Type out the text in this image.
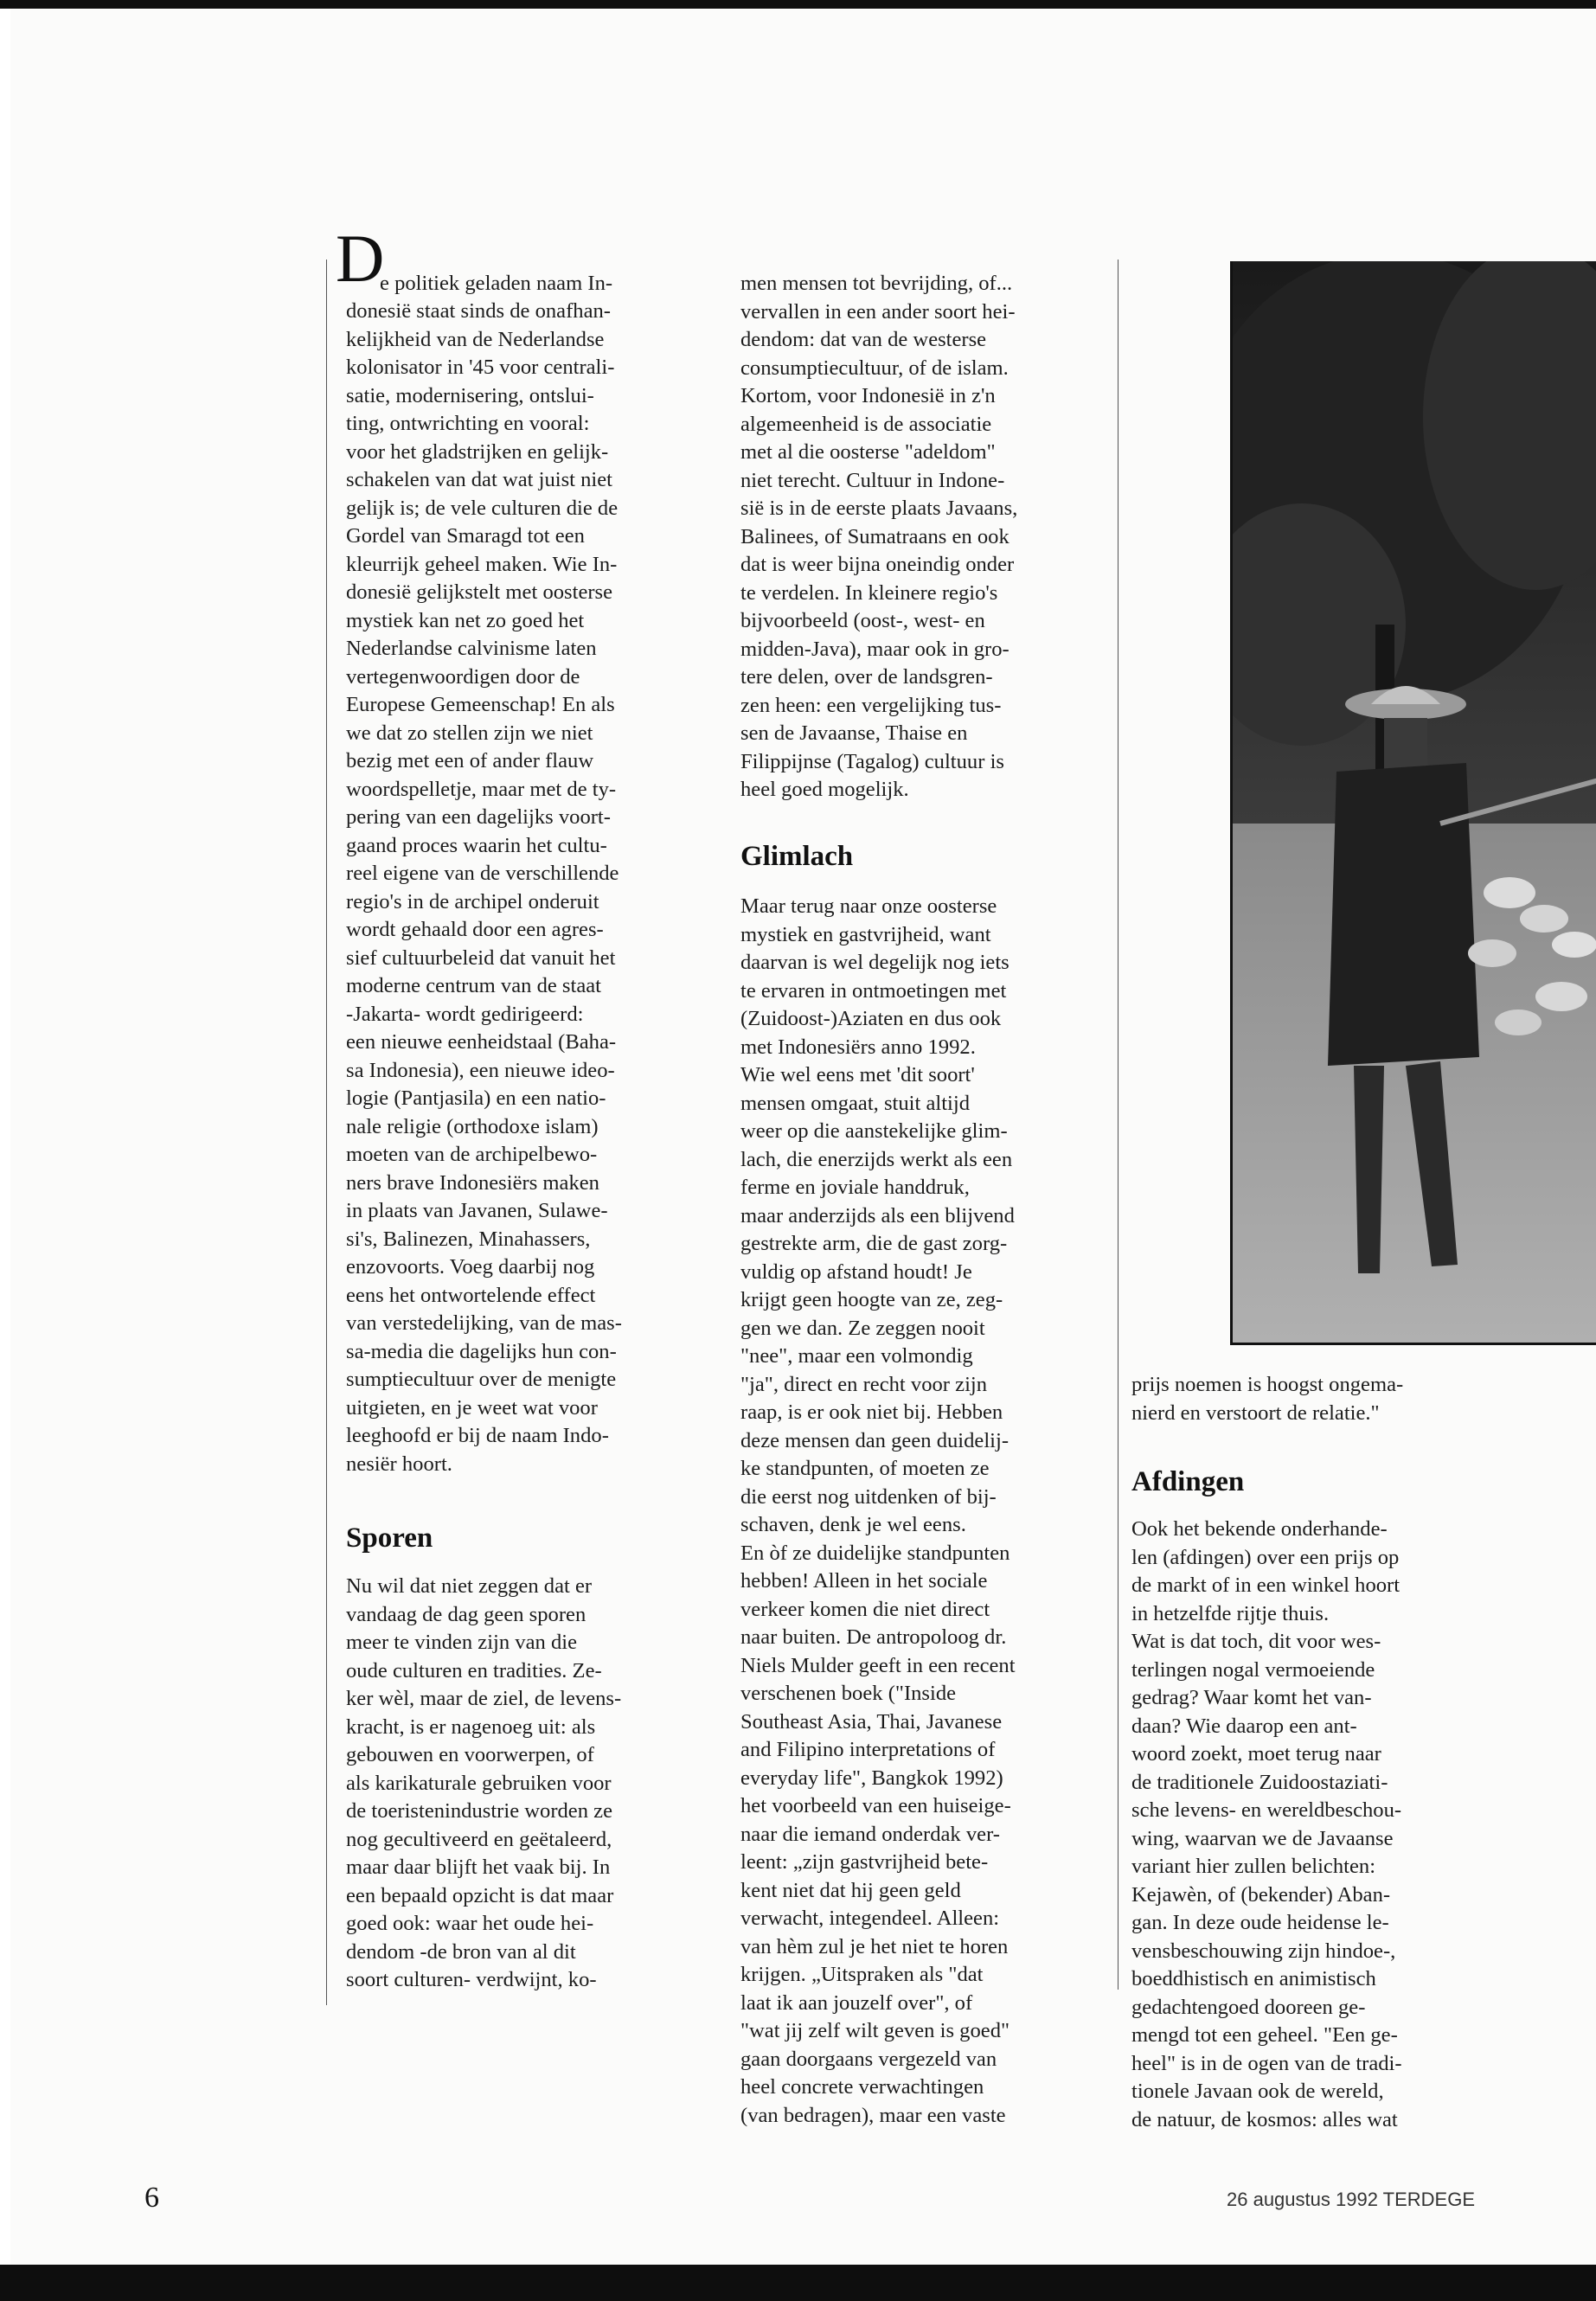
D
e politiek geladen naam In-
donesië staat sinds de onafhan-
kelijkheid van de Nederlandse
kolonisator in '45 voor centrali-
satie, modernisering, ontslui-
ting, ontwrichting en vooral:
voor het gladstrijken en gelijk-
schakelen van dat wat juist niet
gelijk is; de vele culturen die de
Gordel van Smaragd tot een
kleurrijk geheel maken. Wie In-
donesië gelijkstelt met oosterse
mystiek kan net zo goed het
Nederlandse calvinisme laten
vertegenwoordigen door de
Europese Gemeenschap! En als
we dat zo stellen zijn we niet
bezig met een of ander flauw
woordspelletje, maar met de ty-
pering van een dagelijks voort-
gaand proces waarin het cultu-
reel eigene van de verschillende
regio's in de archipel onderuit
wordt gehaald door een agres-
sief cultuurbeleid dat vanuit het
moderne centrum van de staat
-Jakarta- wordt gedirigeerd:
een nieuwe eenheidstaal (Baha-
sa Indonesia), een nieuwe ideo-
logie (Pantjasila) en een natio-
nale religie (orthodoxe islam)
moeten van de archipelbewo-
ners brave Indonesiërs maken
in plaats van Javanen, Sulawe-
si's, Balinezen, Minahassers,
enzovoorts. Voeg daarbij nog
eens het ontwortelende effect
van verstedelijking, van de mas-
sa-media die dagelijks hun con-
sumptiecultuur over de menigte
uitgieten, en je weet wat voor
leeghoofd er bij de naam Indo-
nesiër hoort.
Sporen
Nu wil dat niet zeggen dat er
vandaag de dag geen sporen
meer te vinden zijn van die
oude culturen en tradities. Ze-
ker wèl, maar de ziel, de levens-
kracht, is er nagenoeg uit: als
gebouwen en voorwerpen, of
als karikaturale gebruiken voor
de toeristenindustrie worden ze
nog gecultiveerd en geëtaleerd,
maar daar blijft het vaak bij. In
een bepaald opzicht is dat maar
goed ook: waar het oude hei-
dendom -de bron van al dit
soort culturen- verdwijnt, ko-
men mensen tot bevrijding, of...
vervallen in een ander soort hei-
dendom: dat van de westerse
consumptiecultuur, of de islam.
Kortom, voor Indonesië in z'n
algemeenheid is de associatie
met al die oosterse "adeldom"
niet terecht. Cultuur in Indone-
sië is in de eerste plaats Javaans,
Balinees, of Sumatraans en ook
dat is weer bijna oneindig onder
te verdelen. In kleinere regio's
bijvoorbeeld (oost-, west- en
midden-Java), maar ook in gro-
tere delen, over de landsgren-
zen heen: een vergelijking tus-
sen de Javaanse, Thaise en
Filippijnse (Tagalog) cultuur is
heel goed mogelijk.
Glimlach
Maar terug naar onze oosterse
mystiek en gastvrijheid, want
daarvan is wel degelijk nog iets
te ervaren in ontmoetingen met
(Zuidoost-)Aziaten en dus ook
met Indonesiërs anno 1992.
Wie wel eens met 'dit soort'
mensen omgaat, stuit altijd
weer op die aanstekelijke glim-
lach, die enerzijds werkt als een
ferme en joviale handdruk,
maar anderzijds als een blijvend
gestrekte arm, die de gast zorg-
vuldig op afstand houdt! Je
krijgt geen hoogte van ze, zeg-
gen we dan. Ze zeggen nooit
"nee", maar een volmondig
"ja", direct en recht voor zijn
raap, is er ook niet bij. Hebben
deze mensen dan geen duidelij-
ke standpunten, of moeten ze
die eerst nog uitdenken of bij-
schaven, denk je wel eens.
En òf ze duidelijke standpunten
hebben! Alleen in het sociale
verkeer komen die niet direct
naar buiten. De antropoloog dr.
Niels Mulder geeft in een recent
verschenen boek ("Inside
Southeast Asia, Thai, Javanese
and Filipino interpretations of
everyday life", Bangkok 1992)
het voorbeeld van een huiseige-
naar die iemand onderdak ver-
leent: „zijn gastvrijheid bete-
kent niet dat hij geen geld
verwacht, integendeel. Alleen:
van hèm zul je het niet te horen
krijgen. „Uitspraken als "dat
laat ik aan jouzelf over", of
"wat jij zelf wilt geven is goed"
gaan doorgaans vergezeld van
heel concrete verwachtingen
(van bedragen), maar een vaste
prijs noemen is hoogst ongema-
nierd en verstoort de relatie."
Afdingen
Ook het bekende onderhande-
len (afdingen) over een prijs op
de markt of in een winkel hoort
in hetzelfde rijtje thuis.
Wat is dat toch, dit voor wes-
terlingen nogal vermoeiende
gedrag? Waar komt het van-
daan? Wie daarop een ant-
woord zoekt, moet terug naar
de traditionele Zuidoostaziati-
sche levens- en wereldbeschou-
wing, waarvan we de Javaanse
variant hier zullen belichten:
Kejawèn, of (bekender) Aban-
gan. In deze oude heidense le-
vensbeschouwing zijn hindoe-,
boeddhistisch en animistisch
gedachtengoed dooreen ge-
mengd tot een geheel. "Een ge-
heel" is in de ogen van de tradi-
tionele Javaan ook de wereld,
de natuur, de kosmos: alles wat
6	26 augustus 1992 TERDEGE
